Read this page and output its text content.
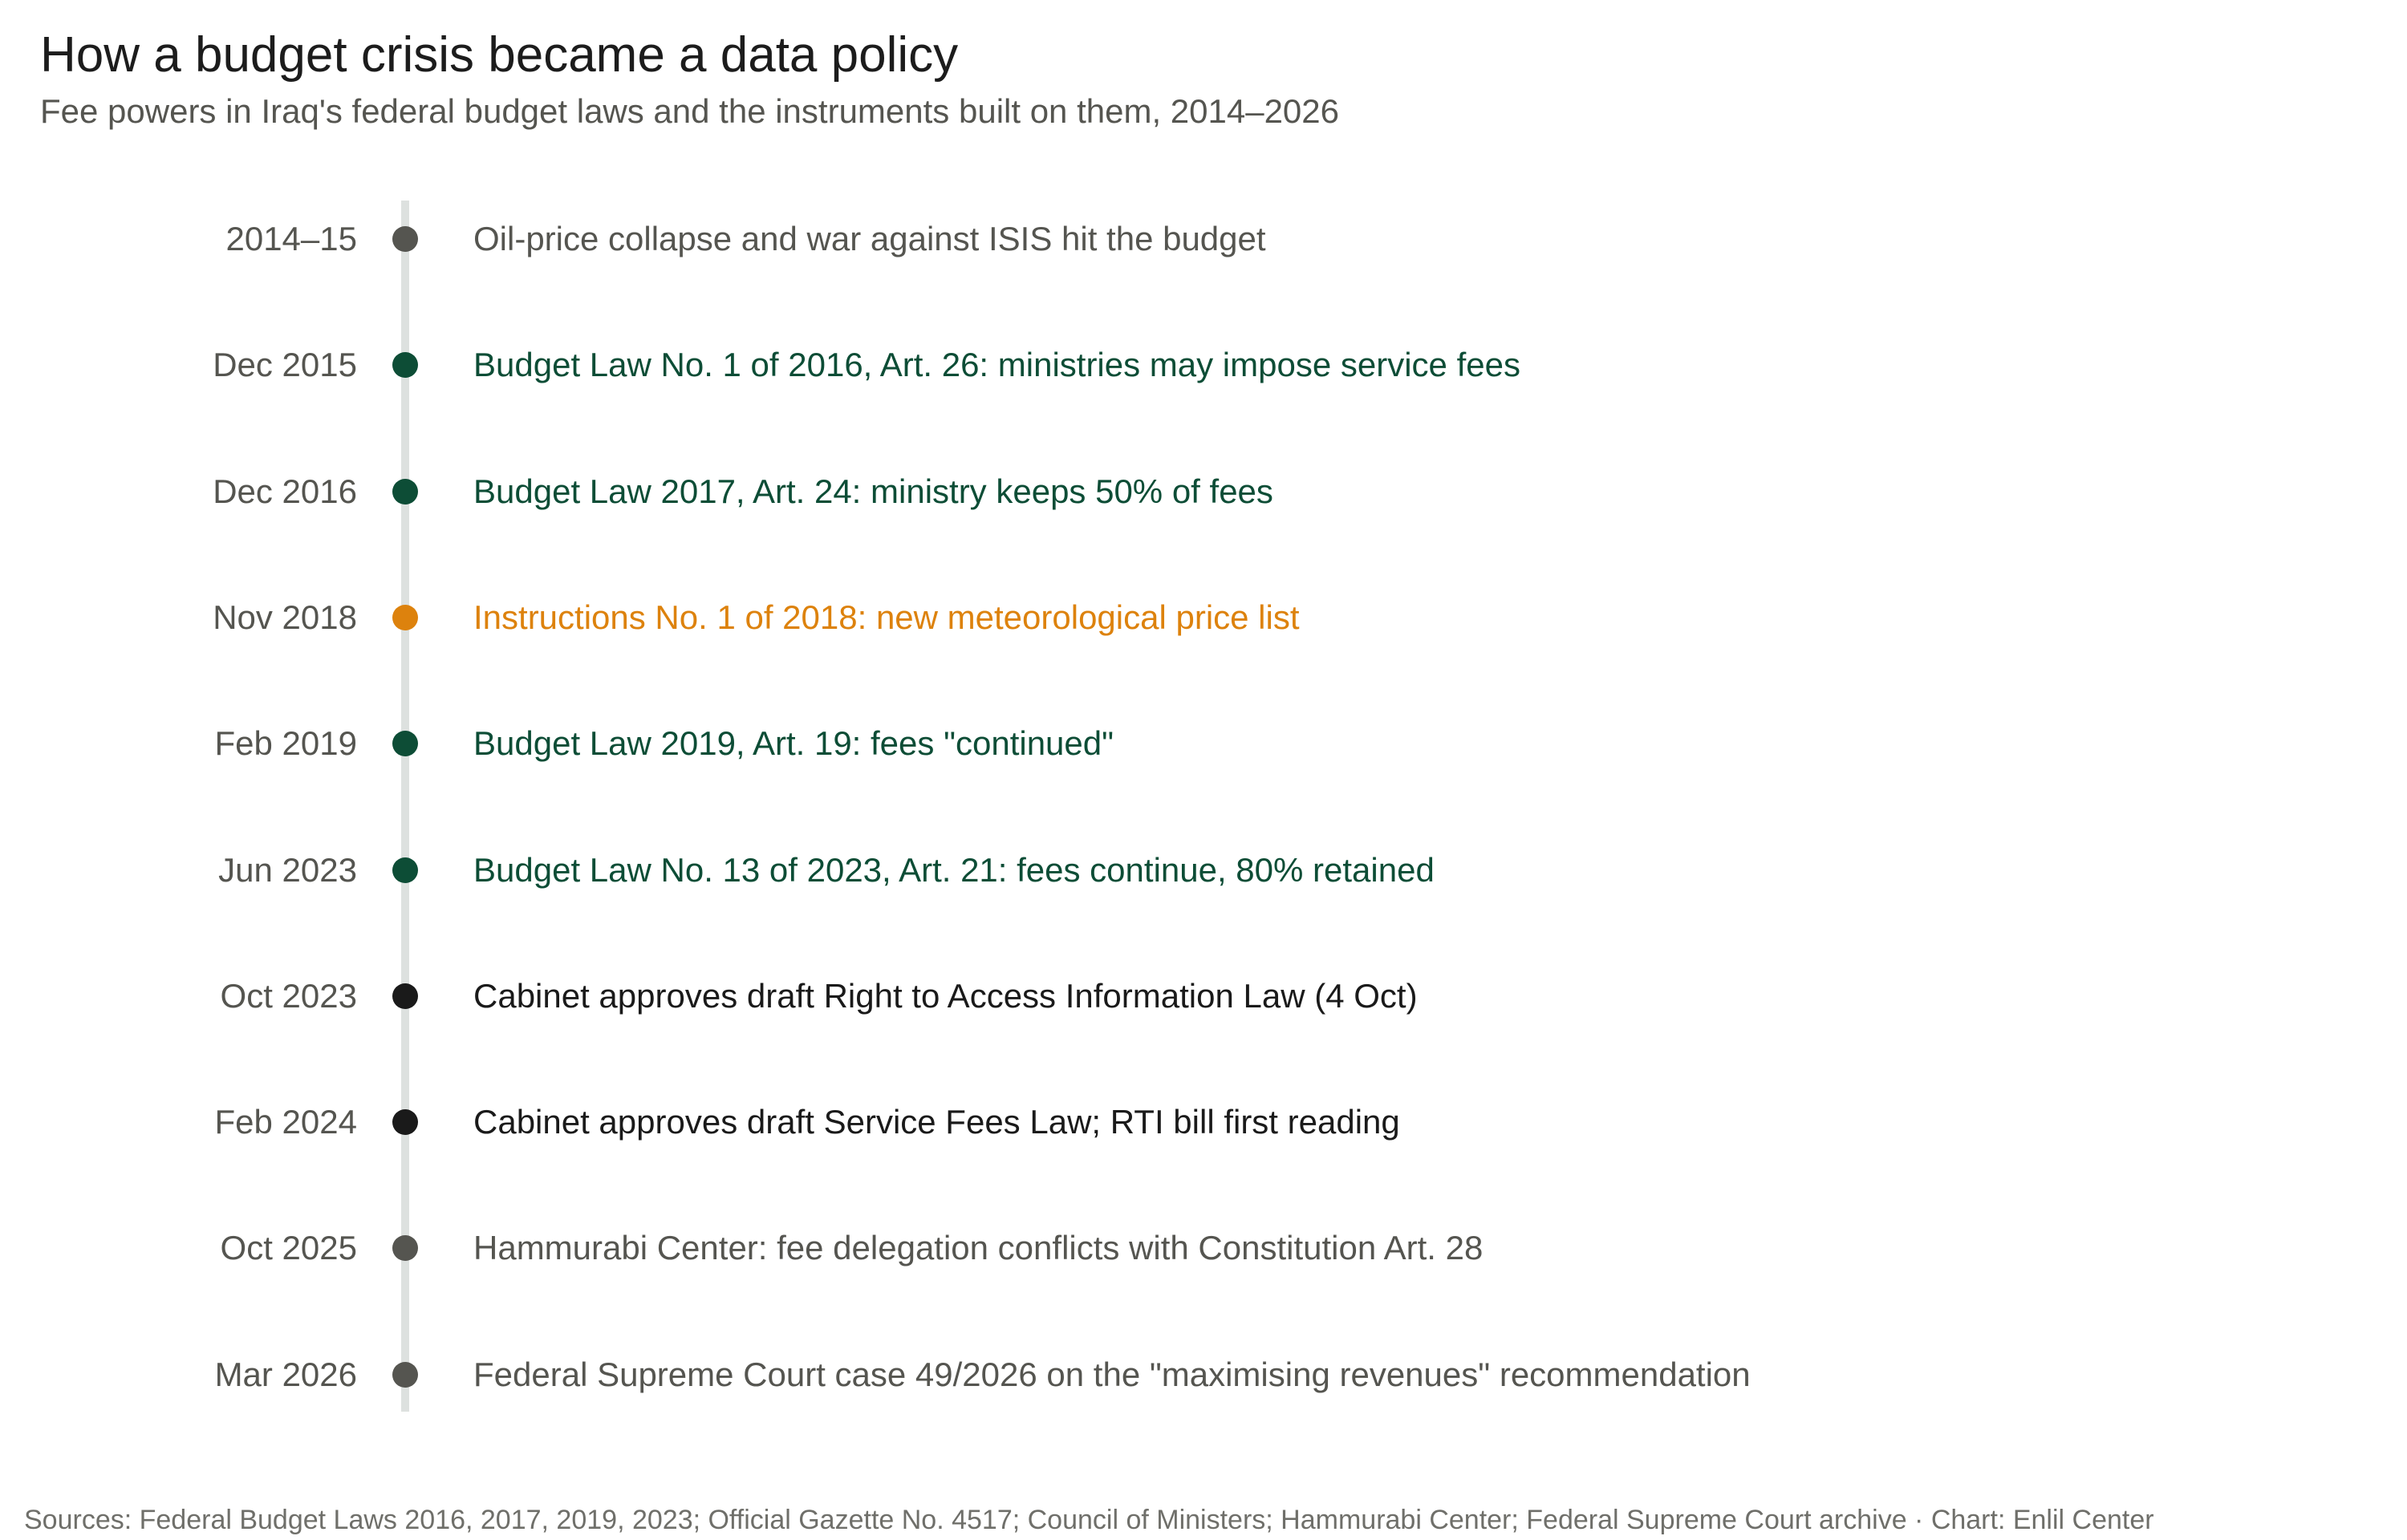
How a budget crisis became a data policy
Fee powers in Iraq's federal budget laws and the instruments built on them, 2014–2026
2014–15	Oil-price collapse and war against ISIS hit the budget
Dec 2015	Budget Law No. 1 of 2016, Art. 26: ministries may impose service fees
Dec 2016	Budget Law 2017, Art. 24: ministry keeps 50% of fees
Nov 2018	Instructions No. 1 of 2018: new meteorological price list
Feb 2019	Budget Law 2019, Art. 19: fees "continued"
Jun 2023	Budget Law No. 13 of 2023, Art. 21: fees continue, 80% retained
Oct 2023	Cabinet approves draft Right to Access Information Law (4 Oct)
Feb 2024	Cabinet approves draft Service Fees Law; RTI bill first reading
Oct 2025	Hammurabi Center: fee delegation conflicts with Constitution Art. 28
Mar 2026	Federal Supreme Court case 49/2026 on the "maximising revenues" recommendation
Sources: Federal Budget Laws 2016, 2017, 2019, 2023; Official Gazette No. 4517; Council of Ministers; Hammurabi Center; Federal Supreme Court archive · Chart: Enlil Center
